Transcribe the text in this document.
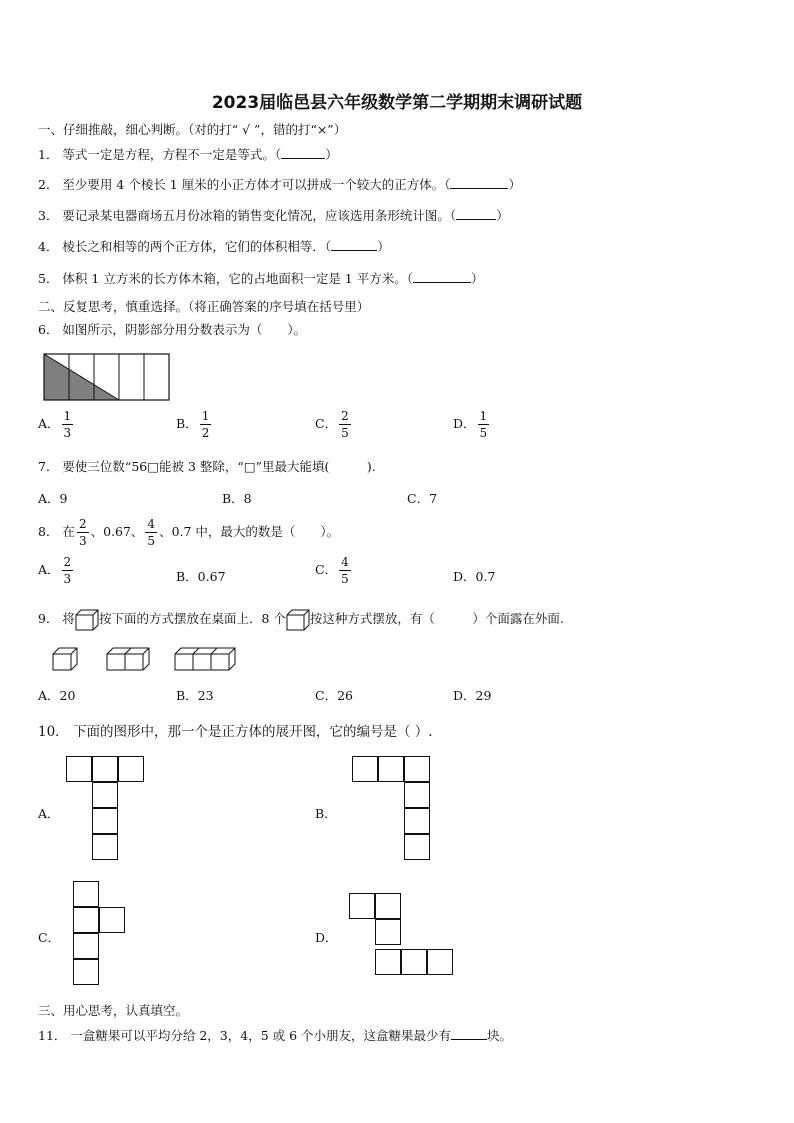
2023届临邑县六年级数学第二学期期末调研试题
一、仔细推敲，细心判断。（对的打“ √ ”，错的打“×”）
1． 等式一定是方程，方程不一定是等式。（	）
2． 至少要用 4 个棱长 1 厘米的小正方体才可以拼成一个较大的正方体。（	）
3． 要记录某电器商场五月份冰箱的销售变化情况，应该选用条形统计图。（	）
4． 棱长之和相等的两个正方体，它们的体积相等．（	）
5． 体积 1 立方米的长方体木箱，它的占地面积一定是 1 平方米。（	）
二、反复思考，慎重选择。（将正确答案的序号填在括号里）
6． 如图所示，阴影部分用分数表示为（　　）。
A． $\frac{1}{3}$	B． $\frac{1}{2}$	C． $\frac{2}{5}$	D． $\frac{1}{5}$
7． 要使三位数“56□能被 3 整除，“□”里最大能填(　　　).
A．9	B．8	C．7
8． 在 $\frac{2}{3}$ 、0.67、 $\frac{4}{5}$ 、0.7 中，最大的数是（　　）。
A． $\frac{2}{3}$	B．0.67	C． $\frac{4}{5}$	D．0.7
9． 将 按下面的方式摆放在桌面上．8 个 按这种方式摆放，有（　　　）个面露在外面.
A．20	B．23	C．26	D．29
10． 下面的图形中，那一个是正方体的展开图，它的编号是（ ）.
A．	B．
C．	D．
三、用心思考，认真填空。
11． 一盒糖果可以平均分给 2，3，4，5 或 6 个小朋友，这盒糖果最少有	块。
